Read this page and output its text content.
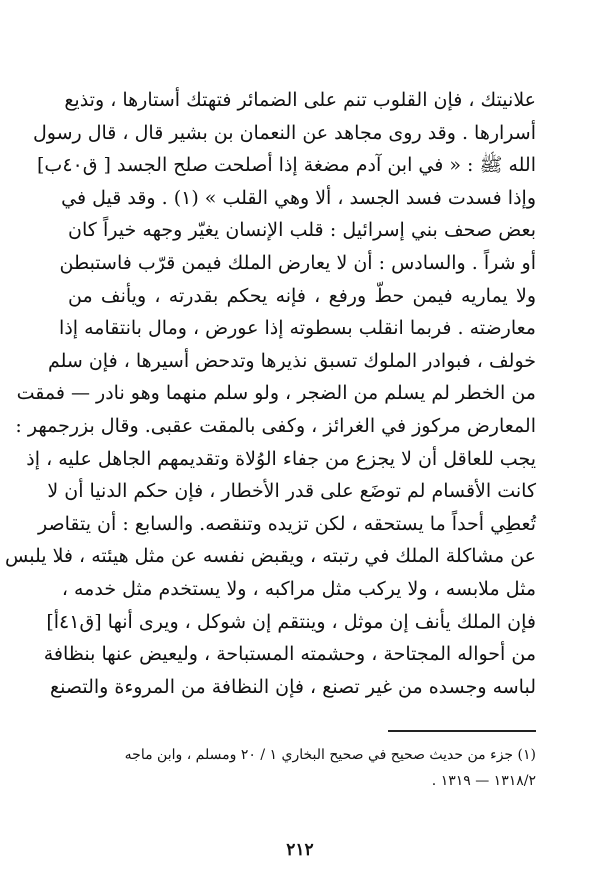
علانيتك ، فإن القلوب تنم على الضمائر فتهتك أستارها ، وتذيع
أسرارها . وقد روى مجاهد عن النعمان بن بشير قال ، قال رسول
الله ﷺ : « في ابن آدم مضغة إذا أصلحت صلح الجسد [ ق٤٠ب]
وإذا فسدت فسد الجسد ، ألا وهي القلب » (١) . وقد قيل في
بعض صحف بني إسرائيل : قلب الإنسان يغيّر وجهه خيراً كان
أو شراً . والسادس : أن لا يعارض الملك فيمن قرّب فاستبطن
ولا يماريه فيمن حطّ ورفع ، فإنه يحكم بقدرته ، ويأنف من
معارضته . فربما انقلب بسطوته إذا عورض ، ومال بانتقامه إذا
خولف ، فبوادر الملوك تسبق نذيرها وتدحض أسيرها ، فإن سلم
من الخطر لم يسلم من الضجر ، ولو سلم منهما وهو نادر — فمقت
المعارض مركوز في الغرائز ، وكفى بالمقت عقبى. وقال بزرجمهر :
يجب للعاقل أن لا يجزع من جفاء الوُلاة وتقديمهم الجاهل عليه ، إذ
كانت الأقسام لم توضَع على قدر الأخطار ، فإن حكم الدنيا أن لا
تُعطِي أحداً ما يستحقه ، لكن تزيده وتنقصه. والسابع : أن يتقاصر
عن مشاكلة الملك في رتبته ، ويقبض نفسه عن مثل هيئته ، فلا يلبس
مثل ملابسه ، ولا يركب مثل مراكبه ، ولا يستخدم مثل خدمه ،
فإن الملك يأنف إن موثل ، وينتقم إن شوكل ، ويرى أنها [ق٤١أ]
من أحواله المجتاحة ، وحشمته المستباحة ، وليعيض عنها بنظافة
لباسه وجسده من غير تصنع ، فإن النظافة من المروءة والتصنع
(١) جزء من حديث صحيح في صحيح البخاري ١ / ٢٠ ومسلم ، وابن ماجه
١٣١٨/٢ — ١٣١٩ .
٢١٢
